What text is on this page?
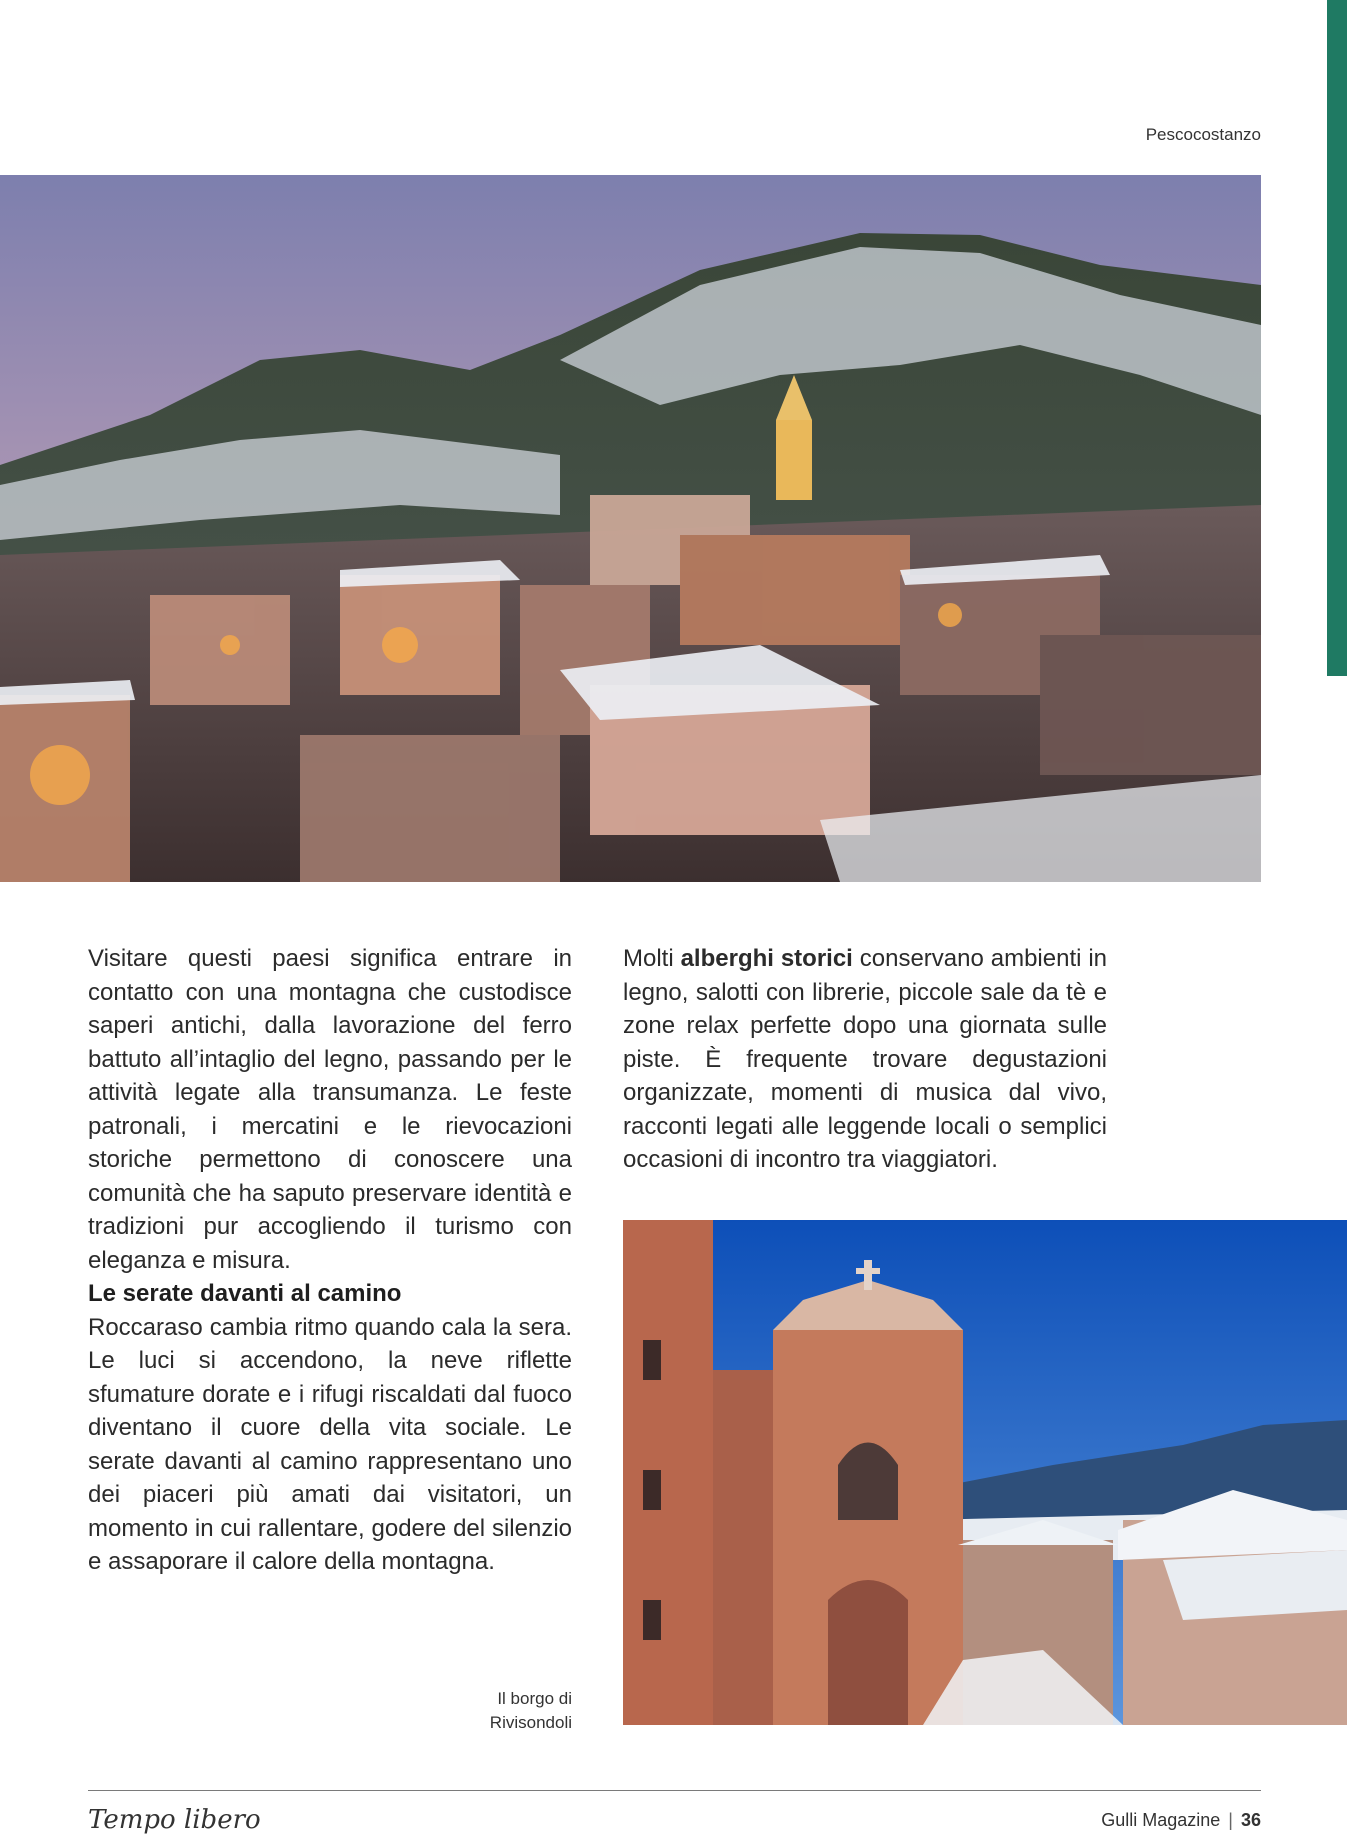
Pescocostanzo

Visitare questi paesi significa entrare in contatto con una montagna che custodisce saperi antichi, dalla lavorazione del ferro battuto all’intaglio del legno, passando per le attività legate alla transumanza. Le feste patronali, i mercatini e le rievocazioni storiche permettono di conoscere una comunità che ha saputo preservare identità e tradizioni pur accogliendo il turismo con eleganza e misura.

Le serate davanti al camino

Roccaraso cambia ritmo quando cala la sera. Le luci si accendono, la neve riflette sfumature dorate e i rifugi riscaldati dal fuoco diventano il cuore della vita sociale. Le serate davanti al camino rappresentano uno dei piaceri più amati dai visitatori, un momento in cui rallentare, godere del silenzio e assaporare il calore della montagna.

Molti alberghi storici conservano ambienti in legno, salotti con librerie, piccole sale da tè e zone relax perfette dopo una giornata sulle piste. È frequente trovare degustazioni organizzate, momenti di musica dal vivo, racconti legati alle leggende locali o semplici occasioni di incontro tra viaggiatori.

Il borgo di
Rivisondoli
Tempo libero	Gulli Magazine | 36
